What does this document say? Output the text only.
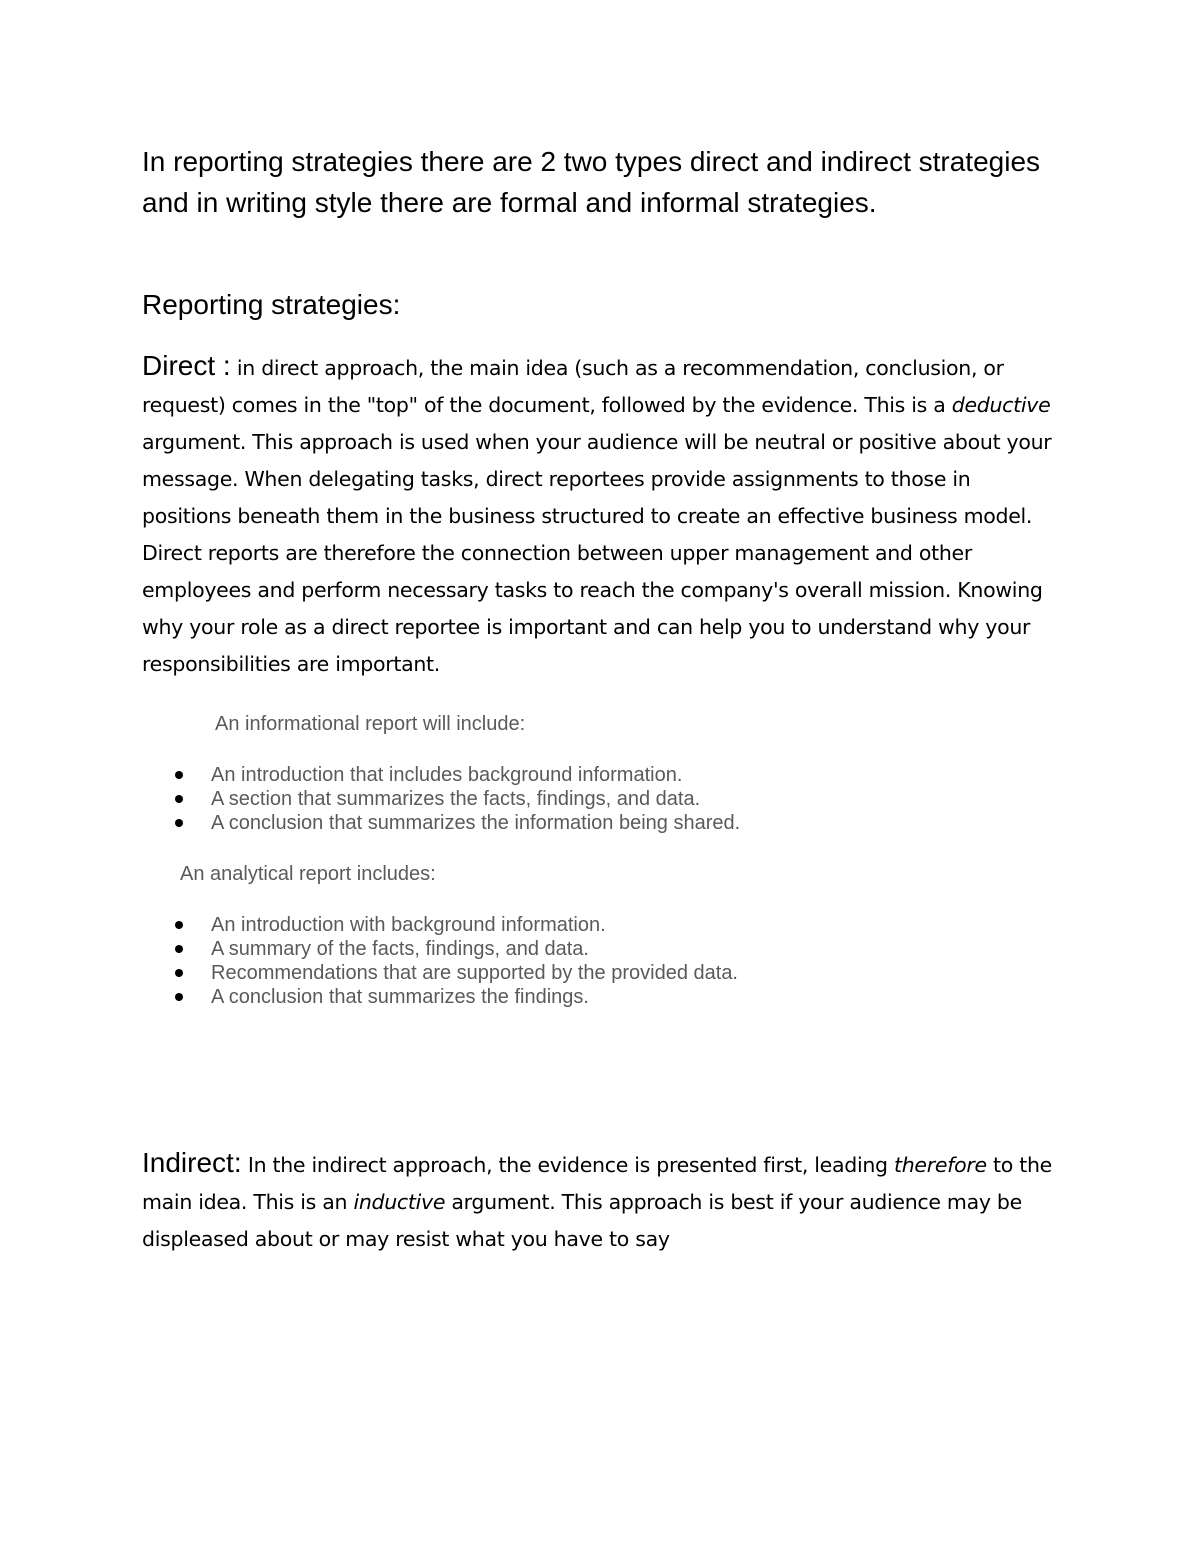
In reporting strategies there are 2 two types direct and indirect strategies and in writing style there are formal and informal strategies.

Reporting strategies:

Direct : in direct approach, the main idea (such as a recommendation, conclusion, or request) comes in the "top" of the document, followed by the evidence. This is a deductive argument. This approach is used when your audience will be neutral or positive about your message. When delegating tasks, direct reportees provide assignments to those in positions beneath them in the business structured to create an effective business model. Direct reports are therefore the connection between upper management and other employees and perform necessary tasks to reach the company's overall mission. Knowing why your role as a direct reportee is important and can help you to understand why your responsibilities are important.

An informational report will include:

An introduction that includes background information.
A section that summarizes the facts, findings, and data.
A conclusion that summarizes the information being shared.

An analytical report includes:

An introduction with background information.
A summary of the facts, findings, and data.
Recommendations that are supported by the provided data.
A conclusion that summarizes the findings.

Indirect: In the indirect approach, the evidence is presented first, leading therefore to the main idea. This is an inductive argument. This approach is best if your audience may be displeased about or may resist what you have to say
